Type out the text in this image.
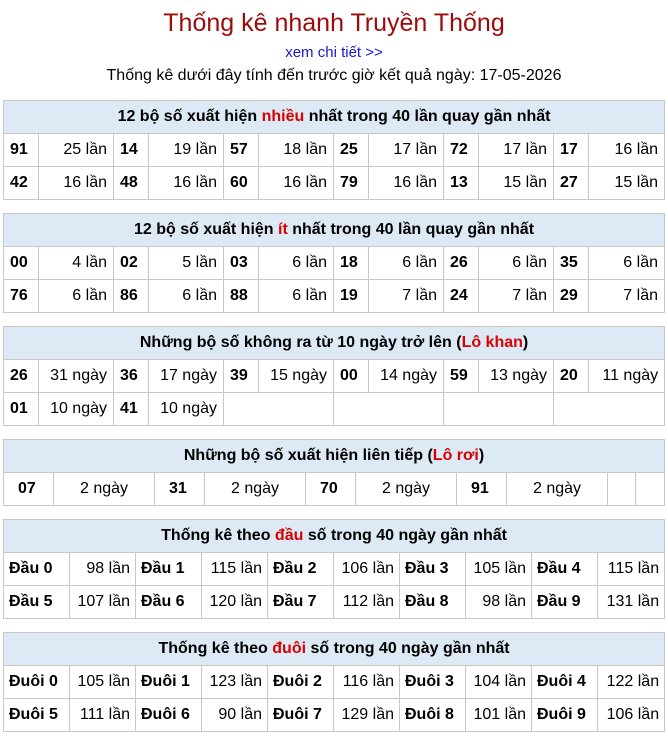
Thống kê nhanh Truyền Thống
xem chi tiết >>
Thống kê dưới đây tính đến trước giờ kết quả ngày: 17-05-2026
12 bộ số xuất hiện nhiều nhất trong 40 lần quay gần nhất											
91	25 lần	14	19 lần	57	18 lần	25	17 lần	72	17 lần	17	16 lần
42	16 lần	48	16 lần	60	16 lần	79	16 lần	13	15 lần	27	15 lần
12 bộ số xuất hiện ít nhất trong 40 lần quay gần nhất											
00	4 lần	02	5 lần	03	6 lần	18	6 lần	26	6 lần	35	6 lần
76	6 lần	86	6 lần	88	6 lần	19	7 lần	24	7 lần	29	7 lần
Những bộ số không ra từ 10 ngày trở lên (Lô khan)											
26	31 ngày	36	17 ngày	39	15 ngày	00	14 ngày	59	13 ngày	20	11 ngày
01	10 ngày	41	10 ngày								
Những bộ số xuất hiện liên tiếp (Lô rơi)
07	2 ngày	31	2 ngày	70	2 ngày	91	2 ngày		
Thống kê theo đầu số trong 40 ngày gần nhất									
Đầu 0	98 lần	Đầu 1	115 lần	Đầu 2	106 lần	Đầu 3	105 lần	Đầu 4	115 lần
Đầu 5	107 lần	Đầu 6	120 lần	Đầu 7	112 lần	Đầu 8	98 lần	Đầu 9	131 lần
Thống kê theo đuôi số trong 40 ngày gần nhất									
Đuôi 0	105 lần	Đuôi 1	123 lần	Đuôi 2	116 lần	Đuôi 3	104 lần	Đuôi 4	122 lần
Đuôi 5	111 lần	Đuôi 6	90 lần	Đuôi 7	129 lần	Đuôi 8	101 lần	Đuôi 9	106 lần
